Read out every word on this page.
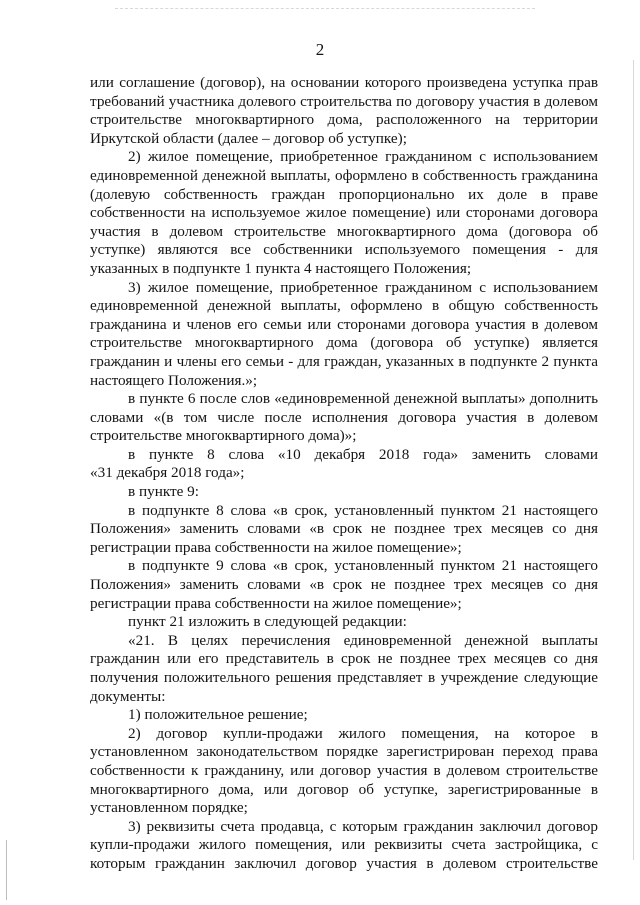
2
или соглашение (договор), на основании которого произведена уступка прав
требований участника долевого строительства по договору участия в долевом
строительстве многоквартирного дома, расположенного на территории
Иркутской области (далее – договор об уступке);
2) жилое помещение, приобретенное гражданином с использованием
единовременной денежной выплаты, оформлено в собственность гражданина
(долевую собственность граждан пропорционально их доле в праве
собственности на используемое жилое помещение) или сторонами договора
участия в долевом строительстве многоквартирного дома (договора об
уступке) являются все собственники используемого помещения - для
указанных в подпункте 1 пункта 4 настоящего Положения;
3) жилое помещение, приобретенное гражданином с использованием
единовременной денежной выплаты, оформлено в общую собственность
гражданина и членов его семьи или сторонами договора участия в долевом
строительстве многоквартирного дома (договора об уступке) является
гражданин и члены его семьи - для граждан, указанных в подпункте 2 пункта
настоящего Положения.»;
в пункте 6 после слов «единовременной денежной выплаты» дополнить
словами «(в том числе после исполнения договора участия в долевом
строительстве многоквартирного дома)»;
в пункте 8 слова «10 декабря 2018 года» заменить словами
«31 декабря 2018 года»;
в пункте 9:
в подпункте 8 слова «в срок, установленный пунктом 21 настоящего
Положения» заменить словами «в срок не позднее трех месяцев со дня
регистрации права собственности на жилое помещение»;
в подпункте 9 слова «в срок, установленный пунктом 21 настоящего
Положения» заменить словами «в срок не позднее трех месяцев со дня
регистрации права собственности на жилое помещение»;
пункт 21 изложить в следующей редакции:
«21. В целях перечисления единовременной денежной выплаты
гражданин или его представитель в срок не позднее трех месяцев со дня
получения положительного решения представляет в учреждение следующие
документы:
1) положительное решение;
2) договор купли-продажи жилого помещения, на которое в
установленном законодательством порядке зарегистрирован переход права
собственности к гражданину, или договор участия в долевом строительстве
многоквартирного дома, или договор об уступке, зарегистрированные в
установленном порядке;
3) реквизиты счета продавца, с которым гражданин заключил договор
купли-продажи жилого помещения, или реквизиты счета застройщика, с
которым гражданин заключил договор участия в долевом строительстве
